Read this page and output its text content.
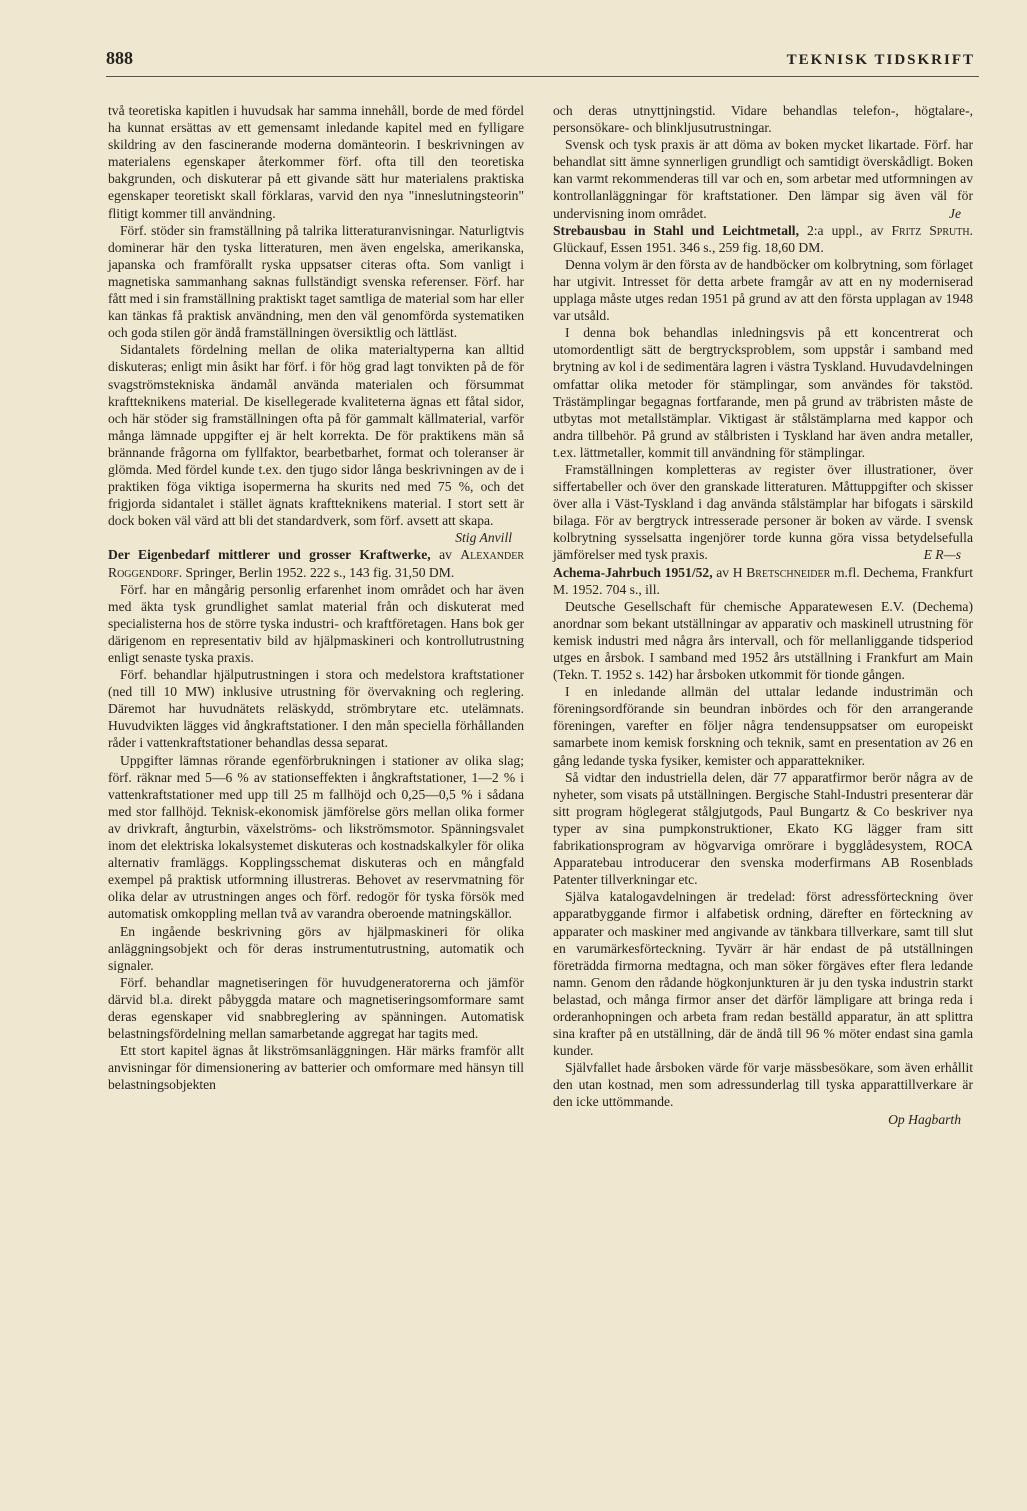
888	TEKNISK TIDSKRIFT

två teoretiska kapitlen i huvudsak har samma innehåll, borde de med fördel ha kunnat ersättas av ett gemensamt inledande kapitel med en fylligare skildring av den fascinerande moderna domänteorin. I beskrivningen av materialens egenskaper återkommer förf. ofta till den teoretiska bakgrunden, och diskuterar på ett givande sätt hur materialens praktiska egenskaper teoretiskt skall förklaras, varvid den nya "inneslutningsteorin" flitigt kommer till användning.

Förf. stöder sin framställning på talrika litteraturanvisningar. Naturligtvis dominerar här den tyska litteraturen, men även engelska, amerikanska, japanska och framförallt ryska uppsatser citeras ofta. Som vanligt i magnetiska sammanhang saknas fullständigt svenska referenser. Förf. har fått med i sin framställning praktiskt taget samtliga de material som har eller kan tänkas få praktisk användning, men den väl genomförda systematiken och goda stilen gör ändå framställningen översiktlig och lättläst.

Sidantalets fördelning mellan de olika materialtyperna kan alltid diskuteras; enligt min åsikt har förf. i för hög grad lagt tonvikten på de för svagströmstekniska ändamål använda materialen och försummat kraftteknikens material. De kisellegerade kvaliteterna ägnas ett fåtal sidor, och här stöder sig framställningen ofta på för gammalt källmaterial, varför många lämnade uppgifter ej är helt korrekta. De för praktikens män så brännande frågorna om fyllfaktor, bearbetbarhet, format och toleranser är glömda. Med fördel kunde t.ex. den tjugo sidor långa beskrivningen av de i praktiken föga viktiga isopermerna ha skurits ned med 75 %, och det frigjorda sidantalet i stället ägnats kraftteknikens material. I stort sett är dock boken väl värd att bli det standardverk, som förf. avsett att skapa.

Stig Anvill

Der Eigenbedarf mittlerer und grosser Kraftwerke, av Alexander Roggendorf. Springer, Berlin 1952. 222 s., 143 fig. 31,50 DM.

Förf. har en mångårig personlig erfarenhet inom området och har även med äkta tysk grundlighet samlat material från och diskuterat med specialisterna hos de större tyska industri- och kraftföretagen. Hans bok ger därigenom en representativ bild av hjälpmaskineri och kontrollutrustning enligt senaste tyska praxis.

Förf. behandlar hjälputrustningen i stora och medelstora kraftstationer (ned till 10 MW) inklusive utrustning för övervakning och reglering. Däremot har huvudnätets reläskydd, strömbrytare etc. utelämnats. Huvudvikten lägges vid ångkraftstationer. I den mån speciella förhållanden råder i vattenkraftstationer behandlas dessa separat.

Uppgifter lämnas rörande egenförbrukningen i stationer av olika slag; förf. räknar med 5—6 % av stationseffekten i ångkraftstationer, 1—2 % i vattenkraftstationer med upp till 25 m fallhöjd och 0,25—0,5 % i sådana med stor fallhöjd. Teknisk-ekonomisk jämförelse görs mellan olika former av drivkraft, ångturbin, växelströms- och likströmsmotor. Spänningsvalet inom det elektriska lokalsystemet diskuteras och kostnadskalkyler för olika alternativ framläggs. Kopplingsschemat diskuteras och en mångfald exempel på praktisk utformning illustreras. Behovet av reservmatning för olika delar av utrustningen anges och förf. redogör för tyska försök med automatisk omkoppling mellan två av varandra oberoende matningskällor.

En ingående beskrivning görs av hjälpmaskineri för olika anläggningsobjekt och för deras instrumentutrustning, automatik och signaler.

Förf. behandlar magnetiseringen för huvudgeneratorerna och jämför därvid bl.a. direkt påbyggda matare och magnetiseringsomformare samt deras egenskaper vid snabbreglering av spänningen. Automatisk belastningsfördelning mellan samarbetande aggregat har tagits med.

Ett stort kapitel ägnas åt likströmsanläggningen. Här märks framför allt anvisningar för dimensionering av batterier och omformare med hänsyn till belastningsobjekten

och deras utnyttjningstid. Vidare behandlas telefon-, högtalare-, personsökare- och blinkljusutrustningar.

Svensk och tysk praxis är att döma av boken mycket likartade. Förf. har behandlat sitt ämne synnerligen grundligt och samtidigt överskådligt. Boken kan varmt rekommenderas till var och en, som arbetar med utformningen av kontrollanläggningar för kraftstationer. Den lämpar sig även väl för undervisning inom området.	Je

Strebausbau in Stahl und Leichtmetall, 2:a uppl., av Fritz Spruth. Glückauf, Essen 1951. 346 s., 259 fig. 18,60 DM.

Denna volym är den första av de handböcker om kolbrytning, som förlaget har utgivit. Intresset för detta arbete framgår av att en ny moderniserad upplaga måste utges redan 1951 på grund av att den första upplagan av 1948 var utsåld.

I denna bok behandlas inledningsvis på ett koncentrerat och utomordentligt sätt de bergtrycksproblem, som uppstår i samband med brytning av kol i de sedimentära lagren i västra Tyskland. Huvudavdelningen omfattar olika metoder för stämplingar, som användes för takstöd. Trästämplingar begagnas fortfarande, men på grund av träbristen måste de utbytas mot metallstämplar. Viktigast är stålstämplarna med kappor och andra tillbehör. På grund av stålbristen i Tyskland har även andra metaller, t.ex. lättmetaller, kommit till användning för stämplingar.

Framställningen kompletteras av register över illustrationer, över siffertabeller och över den granskade litteraturen. Måttuppgifter och skisser över alla i Väst-Tyskland i dag använda stålstämplar har bifogats i särskild bilaga. För av bergtryck intresserade personer är boken av värde. I svensk kolbrytning sysselsatta ingenjörer torde kunna göra vissa betydelsefulla jämförelser med tysk praxis.	E R—s

Achema-Jahrbuch 1951/52, av H Bretschneider m.fl. Dechema, Frankfurt M. 1952. 704 s., ill.

Deutsche Gesellschaft für chemische Apparatewesen E.V. (Dechema) anordnar som bekant utställningar av apparativ och maskinell utrustning för kemisk industri med några års intervall, och för mellanliggande tidsperiod utges en årsbok. I samband med 1952 års utställning i Frankfurt am Main (Tekn. T. 1952 s. 142) har årsboken utkommit för tionde gången.

I en inledande allmän del uttalar ledande industrimän och föreningsordförande sin beundran inbördes och för den arrangerande föreningen, varefter en följer några tendensuppsatser om europeiskt samarbete inom kemisk forskning och teknik, samt en presentation av 26 en gång ledande tyska fysiker, kemister och apparattekniker.

Så vidtar den industriella delen, där 77 apparatfirmor berör några av de nyheter, som visats på utställningen. Bergische Stahl-Industri presenterar där sitt program höglegerat stålgjutgods, Paul Bungartz & Co beskriver nya typer av sina pumpkonstruktioner, Ekato KG lägger fram sitt fabrikationsprogram av högvarviga omrörare i bygglådesystem, ROCA Apparatebau introducerar den svenska moderfirmans AB Rosenblads Patenter tillverkningar etc.

Själva katalogavdelningen är tredelad: först adressförteckning över apparatbyggande firmor i alfabetisk ordning, därefter en förteckning av apparater och maskiner med angivande av tänkbara tillverkare, samt till slut en varumärkesförteckning. Tyvärr är här endast de på utställningen företrädda firmorna medtagna, och man söker förgäves efter flera ledande namn. Genom den rådande högkonjunkturen är ju den tyska industrin starkt belastad, och många firmor anser det därför lämpligare att bringa reda i orderanhopningen och arbeta fram redan beställd apparatur, än att splittra sina krafter på en utställning, där de ändå till 96 % möter endast sina gamla kunder.

Självfallet hade årsboken värde för varje mässbesökare, som även erhållit den utan kostnad, men som adressunderlag till tyska apparattillverkare är den icke uttömmande.

Op Hagbarth
